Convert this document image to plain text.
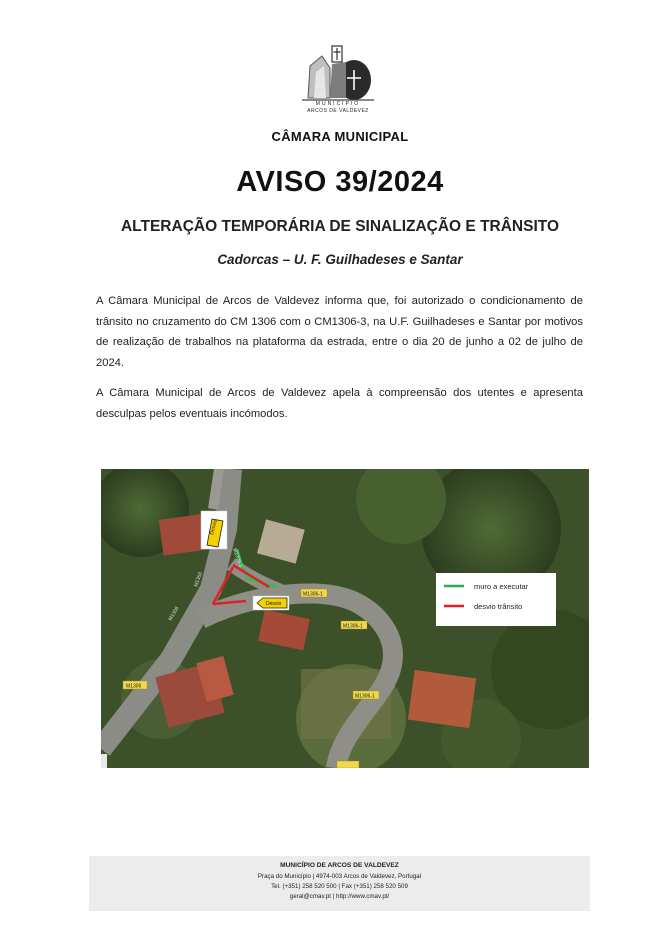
MUNICÍPIO
ARCOS DE VALDEVEZ
CÂMARA MUNICIPAL
AVISO 39/2024
ALTERAÇÃO TEMPORÁRIA DE SINALIZAÇÃO E TRÂNSITO
Cadorcas – U. F. Guilhadeses e Santar
A Câmara Municipal de Arcos de Valdevez informa que, foi autorizado o condicionamento de trânsito no cruzamento do CM 1306 com o CM1306-3, na U.F. Guilhadeses e Santar por motivos de realização de trabalhos na plataforma da estrada, entre o dia 20 de junho a 02 de julho de 2024.
A Câmara Municipal de Arcos de Valdevez apela à compreensão dos utentes e apresenta desculpas pelos eventuais incómodos.
Desvio
Desvio
M1306-1
M1306-1
M1306-1
M1306
M1306
M1306-3
M1350	muro a executar
desvio trânsito
MUNICÍPIO DE ARCOS DE VALDEVEZ
Praça do Município | 4974-003 Arcos de Valdevez, Portugal
Tel. (+351) 258 520 500 | Fax (+351) 258 520 509
geral@cmav.pt | http://www.cmav.pt/
